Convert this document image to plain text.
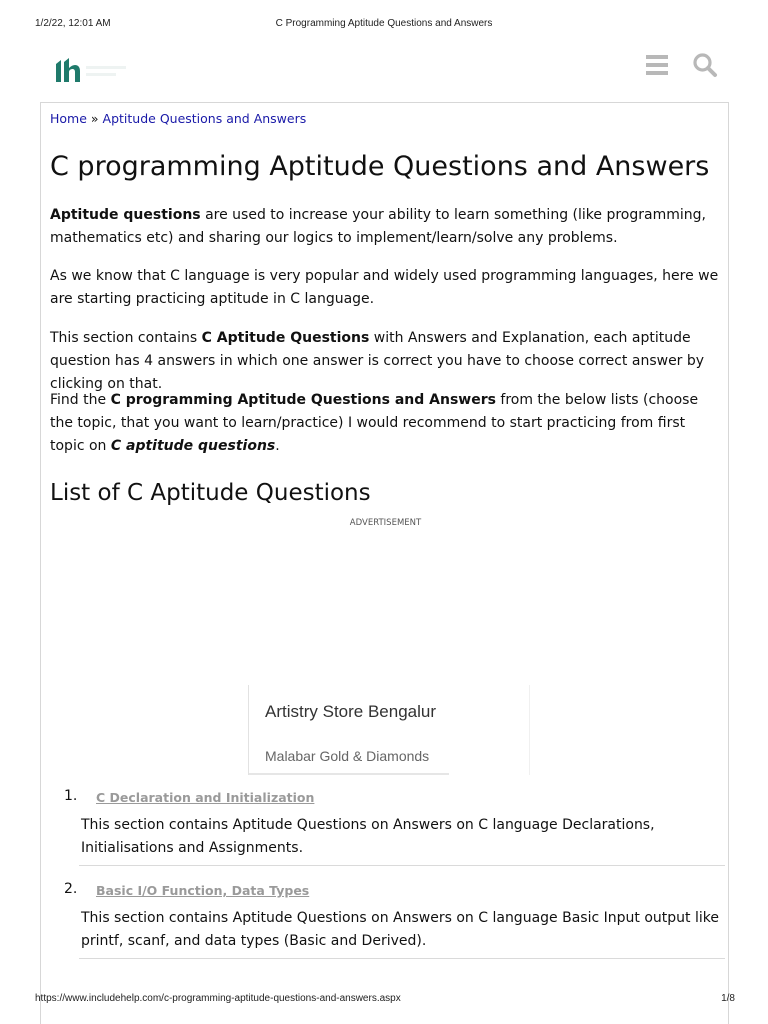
1/2/22, 12:01 AM	C Programming Aptitude Questions and Answers
Home » Aptitude Questions and Answers
C programming Aptitude Questions and Answers

Aptitude questions are used to increase your ability to learn something (like programming, mathematics etc) and sharing our logics to implement/learn/solve any problems.

As we know that C language is very popular and widely used programming languages, here we are starting practicing aptitude in C language.

This section contains C Aptitude Questions with Answers and Explanation, each aptitude question has 4 answers in which one answer is correct you have to choose correct answer by clicking on that.

Find the C programming Aptitude Questions and Answers from the below lists (choose the topic, that you want to learn/practice) I would recommend to start practicing from first topic on C aptitude questions.

List of C Aptitude Questions
ADVERTISEMENT
Artistry Store Bengalur
Malabar Gold & Diamonds
1. C Declaration and Initialization

This section contains Aptitude Questions on Answers on C language Declarations, Initialisations and Assignments.

2. Basic I/O Function, Data Types

This section contains Aptitude Questions on Answers on C language Basic Input output like printf, scanf, and data types (Basic and Derived).

https://www.includehelp.com/c-programming-aptitude-questions-and-answers.aspx	1/8
